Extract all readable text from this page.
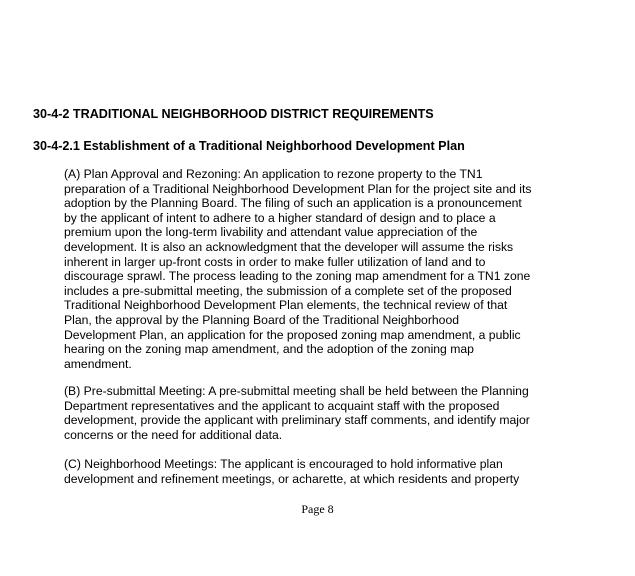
30-4-2 TRADITIONAL NEIGHBORHOOD DISTRICT REQUIREMENTS
30-4-2.1 Establishment of a Traditional Neighborhood Development Plan

(A) Plan Approval and Rezoning: An application to rezone property to the TN1
preparation of a Traditional Neighborhood Development Plan for the project site and its
adoption by the Planning Board. The filing of such an application is a pronouncement
by the applicant of intent to adhere to a higher standard of design and to place a
premium upon the long-term livability and attendant value appreciation of the
development. It is also an acknowledgment that the developer will assume the risks
inherent in larger up-front costs in order to make fuller utilization of land and to
discourage sprawl. The process leading to the zoning map amendment for a TN1 zone
includes a pre-submittal meeting, the submission of a complete set of the proposed
Traditional Neighborhood Development Plan elements, the technical review of that
Plan, the approval by the Planning Board of the Traditional Neighborhood
Development Plan, an application for the proposed zoning map amendment, a public
hearing on the zoning map amendment, and the adoption of the zoning map
amendment.

(B) Pre-submittal Meeting: A pre-submittal meeting shall be held between the Planning
Department representatives and the applicant to acquaint staff with the proposed
development, provide the applicant with preliminary staff comments, and identify major
concerns or the need for additional data.

(C) Neighborhood Meetings: The applicant is encouraged to hold informative plan
development and refinement meetings, or acharette, at which residents and property

Page 8
